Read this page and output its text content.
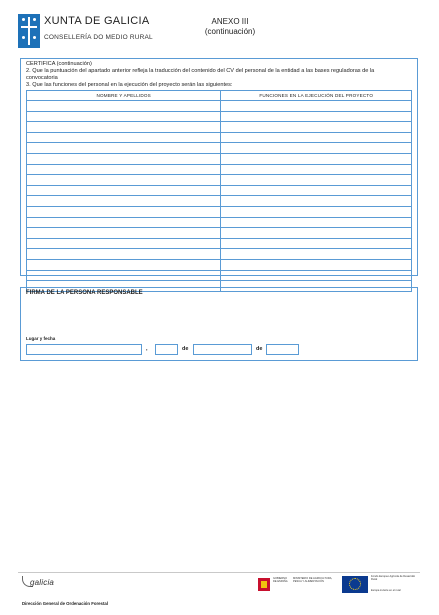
XUNTA DE GALICIA
CONSELLERÍA DO MEDIO RURAL
ANEXO III
(continuación)
CERTIFICA (continuación)
2. Que la puntuación del apartado anterior refleja la traducción del contenido del CV del personal de la entidad a las bases reguladoras de la
convocatoria
3. Que las funciones del personal en la ejecución del proyecto serán las siguientes:
NOMBRE Y APELLIDOS	FUNCIONES EN LA EJECUCIÓN DEL PROYECTO

FIRMA DE LA PERSONA RESPONSABLE
Lugar y fecha
,	de	de
galicia	GOBIERNO DE ESPAÑA
MINISTERIO DE AGRICULTURA, PESCA Y ALIMENTACIÓN
Fondo Europeo Agrícola de Desarrollo Rural
Europa invierte en el rural
Dirección General de Ordenación Forestal
